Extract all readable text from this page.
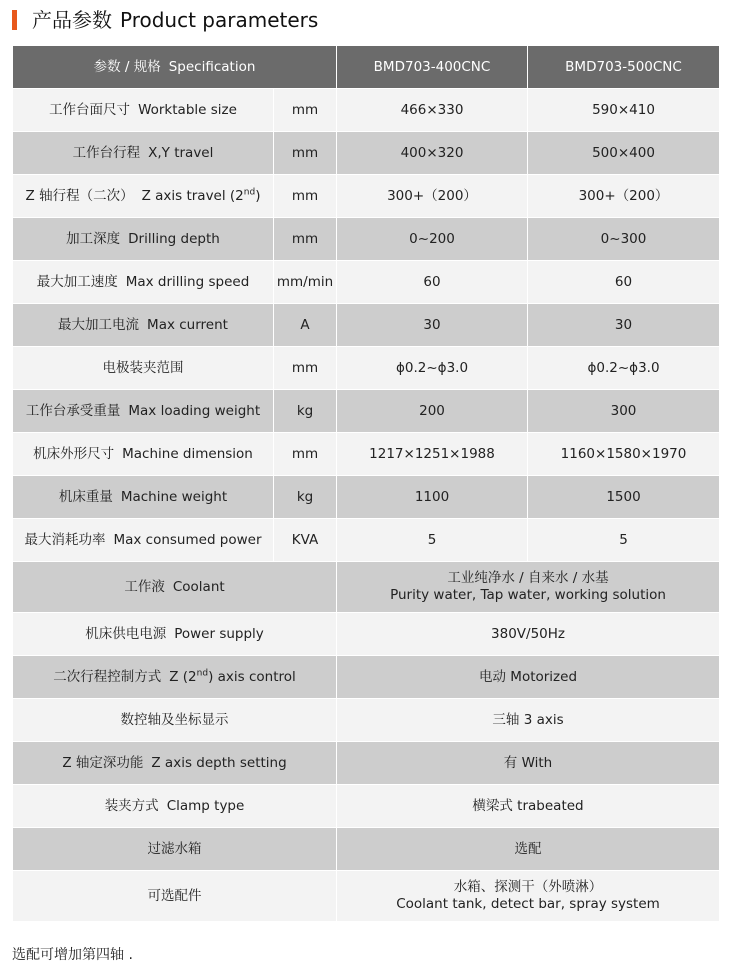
产品参数 Product parameters
参数 / 规格 Specification		BMD703-400CNC	BMD703-500CNC
工作台面尺寸 Worktable size	mm	466×330	590×410
工作台行程 X,Y travel	mm	400×320	500×400
Z 轴行程（二次） Z axis travel (2nd)	mm	300+（200）	300+（200）
加工深度 Drilling depth	mm	0~200	0~300
最大加工速度 Max drilling speed	mm/min	60	60
最大加工电流 Max current	A	30	30
电极装夹范围	mm	ϕ0.2~ϕ3.0	ϕ0.2~ϕ3.0
工作台承受重量 Max loading weight	kg	200	300
机床外形尺寸 Machine dimension	mm	1217×1251×1988	1160×1580×1970
机床重量 Machine weight	kg	1100	1500
最大消耗功率 Max consumed power	KVA	5	5
工作液 Coolant		工业纯净水 / 自来水 / 水基
Purity water, Tap water, working solution	
机床供电电源 Power supply		380V/50Hz	
二次行程控制方式 Z (2nd) axis control		电动 Motorized	
数控轴及坐标显示		三轴 3 axis	
Z 轴定深功能 Z axis depth setting		有 With	
装夹方式 Clamp type		横梁式 trabeated	
过滤水箱		选配	
可选配件		水箱、探测干（外喷淋）
Coolant tank, detect bar, spray system	
选配可增加第四轴 .
